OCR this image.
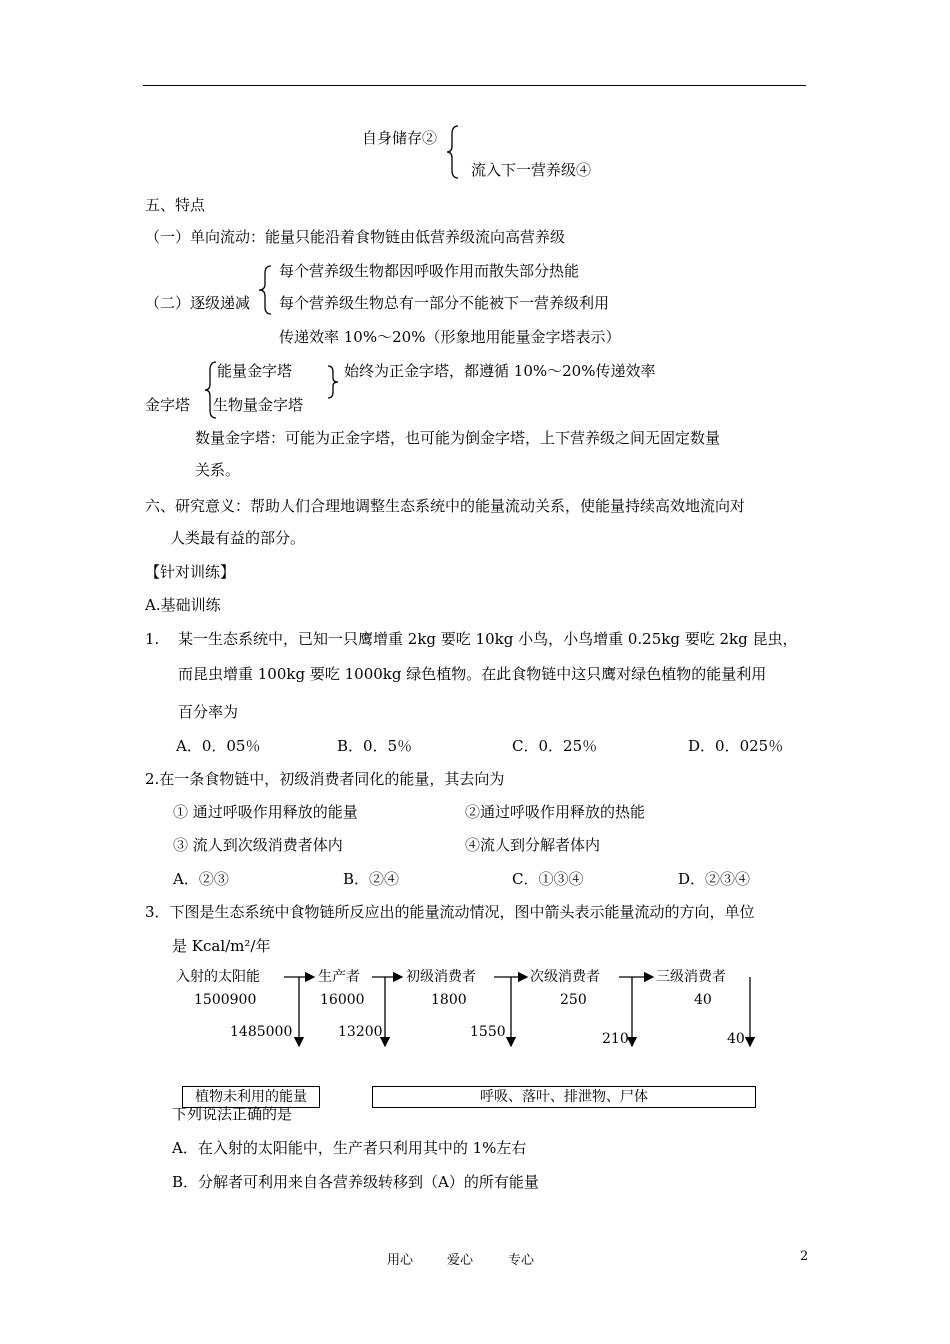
自身储存②
流入下一营养级④
五、特点
（一）单向流动：能量只能沿着食物链由低营养级流向高营养级
每个营养级生物都因呼吸作用而散失部分热能
（二）逐级递减 每个营养级生物总有一部分不能被下一营养级利用
传递效率 10%～20%（形象地用能量金字塔表示）
能量金字塔	始终为正金字塔，都遵循 10%～20%传递效率
金字塔 生物量金字塔
数量金字塔：可能为正金字塔，也可能为倒金字塔，上下营养级之间无固定数量
关系。
六、研究意义：帮助人们合理地调整生态系统中的能量流动关系，使能量持续高效地流向对
人类最有益的部分。
【针对训练】
A.基础训练
1. 某一生态系统中，已知一只鹰增重 2kg 要吃 10kg 小鸟，小鸟增重 0.25kg 要吃 2kg 昆虫，
而昆虫增重 100kg 要吃 1000kg 绿色植物。在此食物链中这只鹰对绿色植物的能量利用
百分率为
A．0．05％	B．0．5％	C．0．25％	D．0．025％
2.在一条食物链中，初级消费者同化的能量，其去向为
① 通过呼吸作用释放的能量	②通过呼吸作用释放的热能
③ 流人到次级消费者体内	④流人到分解者体内
A．②③	B．②④	C．①③④	D．②③④
3．下图是生态系统中食物链所反应出的能量流动情况，图中箭头表示能量流动的方向，单位
是 Kcal/m²/年
入射的太阳能	生产者	初级消费者	次级消费者	三级消费者
1500900	16000	1800	250	40
1485000	13200	1550	210	40
植物未利用的能量	呼吸、落叶、排泄物、尸体
下列说法正确的是
A．在入射的太阳能中，生产者只利用其中的 1%左右
B．分解者可利用来自各营养级转移到（A）的所有能量
用心	爱心	专心	2
